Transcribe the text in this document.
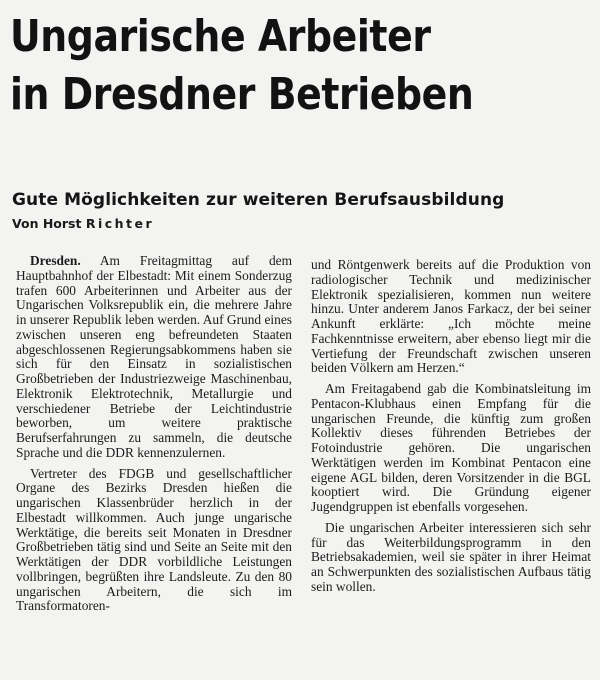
Ungarische Arbeiter
in Dresdner Betrieben
Gute Möglichkeiten zur weiteren Berufsausbildung
Von Horst Richter

Dresden. Am Freitagmittag auf dem Hauptbahnhof der Elbestadt: Mit einem Sonderzug trafen 600 Arbeiterinnen und Arbeiter aus der Ungarischen Volksrepublik ein, die mehrere Jahre in unserer Republik leben werden. Auf Grund eines zwischen unseren eng befreundeten Staaten abgeschlossenen Regierungsabkommens haben sie sich für den Einsatz in sozialistischen Großbetrieben der Industriezweige Maschinenbau, Elektronik Elektrotechnik, Metallurgie und verschiedener Betriebe der Leichtindustrie beworben, um weitere praktische Berufserfahrungen zu sammeln, die deutsche Sprache und die DDR kennenzulernen.

Vertreter des FDGB und gesellschaftlicher Organe des Bezirks Dresden hießen die ungarischen Klassenbrüder herzlich in der Elbestadt willkommen. Auch junge ungarische Werktätige, die bereits seit Monaten in Dresdner Großbetrieben tätig sind und Seite an Seite mit den Werktätigen der DDR vorbildliche Leistungen vollbringen, begrüßten ihre Landsleute. Zu den 80 ungarischen Arbeitern, die sich im Transformatoren-

und Röntgenwerk bereits auf die Produktion von radiologischer Technik und medizinischer Elektronik spezialisieren, kommen nun weitere hinzu. Unter anderem Janos Farkacz, der bei seiner Ankunft erklärte: „Ich möchte meine Fachkenntnisse erweitern, aber ebenso liegt mir die Vertiefung der Freundschaft zwischen unseren beiden Völkern am Herzen.“

Am Freitagabend gab die Kombinatsleitung im Pentacon-Klubhaus einen Empfang für die ungarischen Freunde, die künftig zum großen Kollektiv dieses führenden Betriebes der Fotoindustrie gehören. Die ungarischen Werktätigen werden im Kombinat Pentacon eine eigene AGL bilden, deren Vorsitzender in die BGL kooptiert wird. Die Gründung eigener Jugendgruppen ist ebenfalls vorgesehen.

Die ungarischen Arbeiter interessieren sich sehr für das Weiterbildungsprogramm in den Betriebsakademien, weil sie später in ihrer Heimat an Schwerpunkten des sozialistischen Aufbaus tätig sein wollen.
